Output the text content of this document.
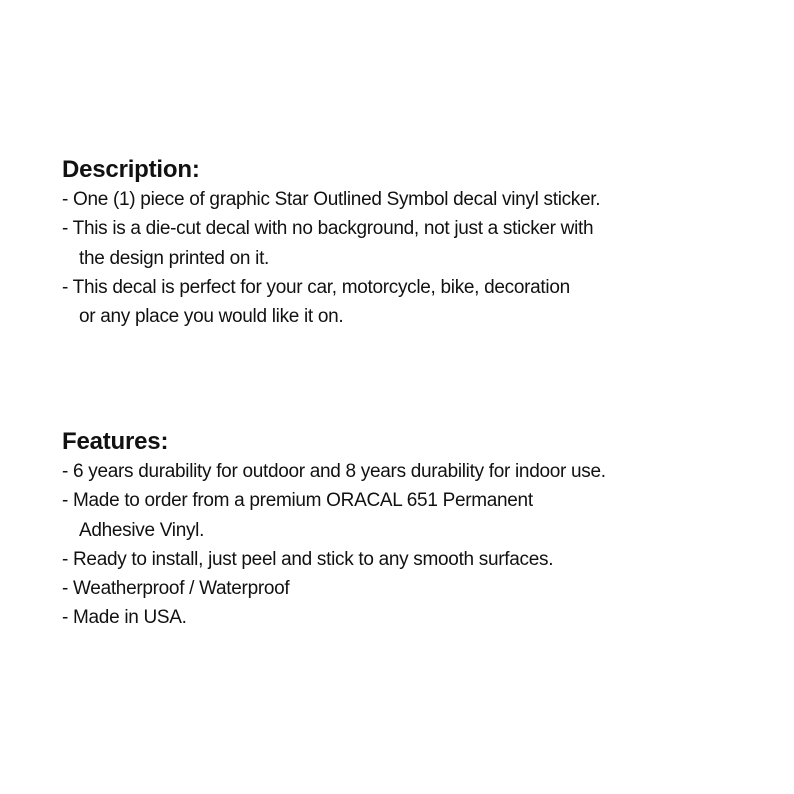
Description:
- One (1) piece of graphic Star Outlined Symbol decal vinyl sticker.
- This is a die-cut decal with no background, not just a sticker with
the design printed on it.
- This decal is perfect for your car, motorcycle, bike, decoration
or any place you would like it on.
Features:
- 6 years durability for outdoor and 8 years durability for indoor use.
- Made to order from a premium ORACAL 651 Permanent
Adhesive Vinyl.
- Ready to install, just peel and stick to any smooth surfaces.
- Weatherproof / Waterproof
- Made in USA.
